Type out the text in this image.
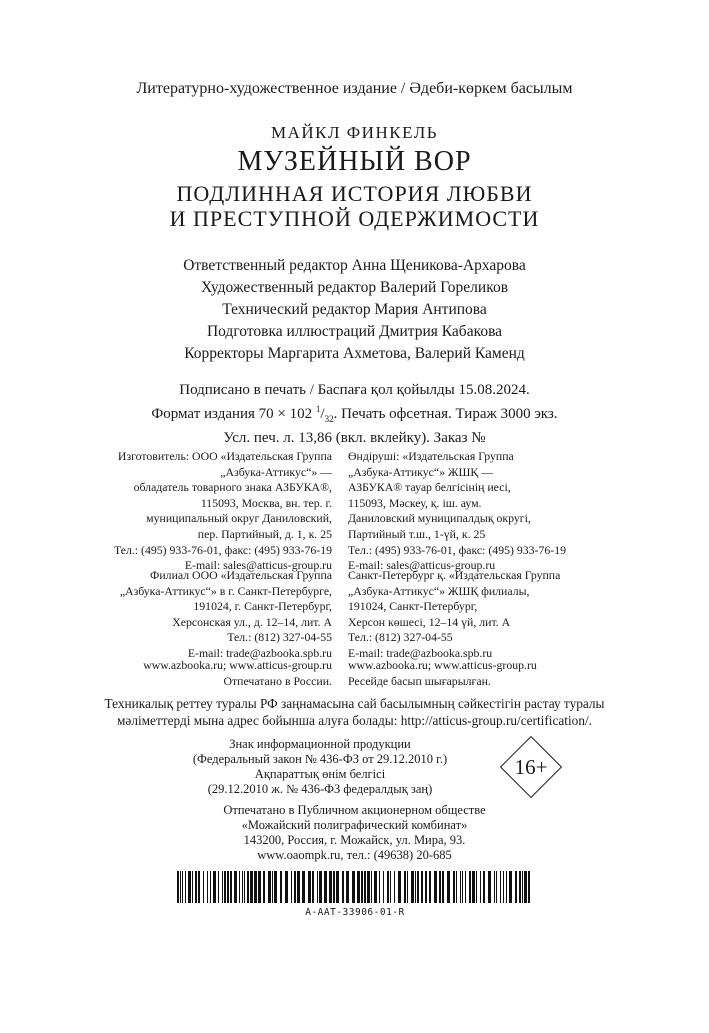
Литературно-художественное издание / Әдеби-көркем басылым

МАЙКЛ ФИНКЕЛЬ

МУЗЕЙНЫЙ ВОР

ПОДЛИННАЯ ИСТОРИЯ ЛЮБВИ
И ПРЕСТУПНОЙ ОДЕРЖИМОСТИ
Ответственный редактор Анна Щеникова-Архарова
Художественный редактор Валерий Гореликов
Технический редактор Мария Антипова
Подготовка иллюстраций Дмитрия Кабакова
Корректоры Маргарита Ахметова, Валерий Каменд
Подписано в печать / Баспаға қол қойылды 15.08.2024.
Формат издания 70 × 102 $^1/_{32}$. Печать офсетная. Тираж 3000 экз.
Усл. печ. л. 13,86 (вкл. вклейку). Заказ №
Изготовитель: ООО «Издательская Группа
„Азбука-Аттикус“» —
обладатель товарного знака АЗБУКА®,
115093, Москва, вн. тер. г.
муниципальный округ Даниловский,
пер. Партийный, д. 1, к. 25
Тел.: (495) 933-76-01, факс: (495) 933-76-19
E-mail: sales@atticus-group.ru
Өндіруші: «Издательская Группа
„Азбука-Аттикус“» ЖШҚ —
АЗБУКА® тауар белгісінің иесі,
115093, Мәскеу, қ. іш. аум.
Даниловский муниципалдық округі,
Партийный т.ш., 1-үй, к. 25
Тел.: (495) 933-76-01, факс: (495) 933-76-19
E-mail: sales@atticus-group.ru
Филиал ООО «Издательская Группа
„Азбука-Аттикус“» в г. Санкт-Петербурге,
191024, г. Санкт-Петербург,
Херсонская ул., д. 12–14, лит. А
Тел.: (812) 327-04-55
E-mail: trade@azbooka.spb.ru
Санкт-Петербург қ. «Издательская Группа
„Азбука-Аттикус“» ЖШҚ филиалы,
191024, Санкт-Петербург,
Херсон көшесі, 12–14 үй, лит. А
Тел.: (812) 327-04-55
E-mail: trade@azbooka.spb.ru
www.azbooka.ru; www.atticus-group.ru
Отпечатано в России.
www.azbooka.ru; www.atticus-group.ru
Ресейде басып шығарылған.
Техникалық реттеу туралы РФ заңнамасына сай басылымның сәйкестігін растау туралы
мәліметтерді мына адрес бойынша алуға болады: http://atticus-group.ru/certification/.
Знак информационной продукции
(Федеральный закон № 436-ФЗ от 29.12.2010 г.)
Ақпараттық өнім белгісі
(29.12.2010 ж. № 436-ФЗ федералдық заң)
16+
Отпечатано в Публичном акционерном обществе
«Можайский полиграфический комбинат»
143200, Россия, г. Можайск, ул. Мира, 93.
www.oaompk.ru, тел.: (49638) 20-685
A-AAT-33906-01-R
